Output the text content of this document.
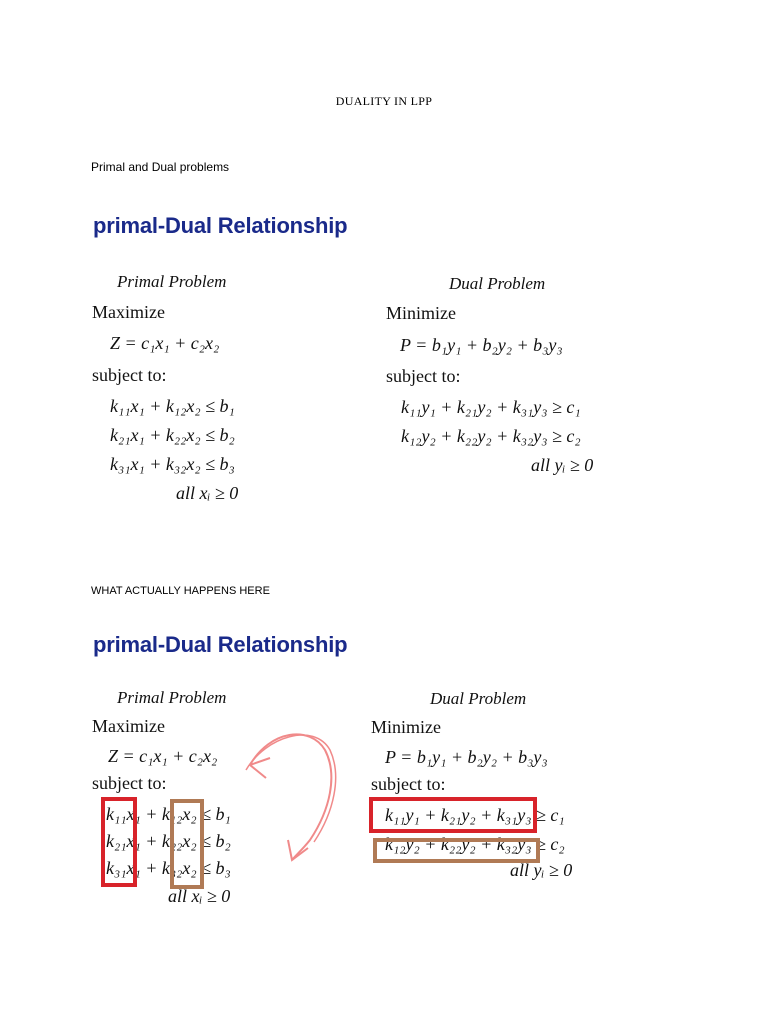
DUALITY IN LPP
Primal and Dual problems
primal-Dual Relationship
Primal Problem
Maximize
Z = c₁x₁ + c₂x₂
subject to:
k₁₁x₁ + k₁₂x₂ ≤ b₁
k₂₁x₁ + k₂₂x₂ ≤ b₂
k₃₁x₁ + k₃₂x₂ ≤ b₃
all xᵢ ≥ 0
Dual Problem
Minimize
P = b₁y₁ + b₂y₂ + b₃y₃
subject to:
k₁₁y₁ + k₂₁y₂ + k₃₁y₃ ≥ c₁
k₁₂y₂ + k₂₂y₂ + k₃₂y₃ ≥ c₂
all yᵢ ≥ 0
WHAT ACTUALLY HAPPENS HERE
primal-Dual Relationship
Primal Problem
Maximize
Z = c₁x₁ + c₂x₂
subject to:
k₁₁x₁ + k₁₂x₂ ≤ b₁
k₂₁x₁ + k₂₂x₂ ≤ b₂
k₃₁x₁ + k₃₂x₂ ≤ b₃
all xᵢ ≥ 0
Dual Problem
Minimize
P = b₁y₁ + b₂y₂ + b₃y₃
subject to:
k₁₁y₁ + k₂₁y₂ + k₃₁y₃ ≥ c₁
k₁₂y₂ + k₂₂y₂ + k₃₂y₃ ≥ c₂
all yᵢ ≥ 0
